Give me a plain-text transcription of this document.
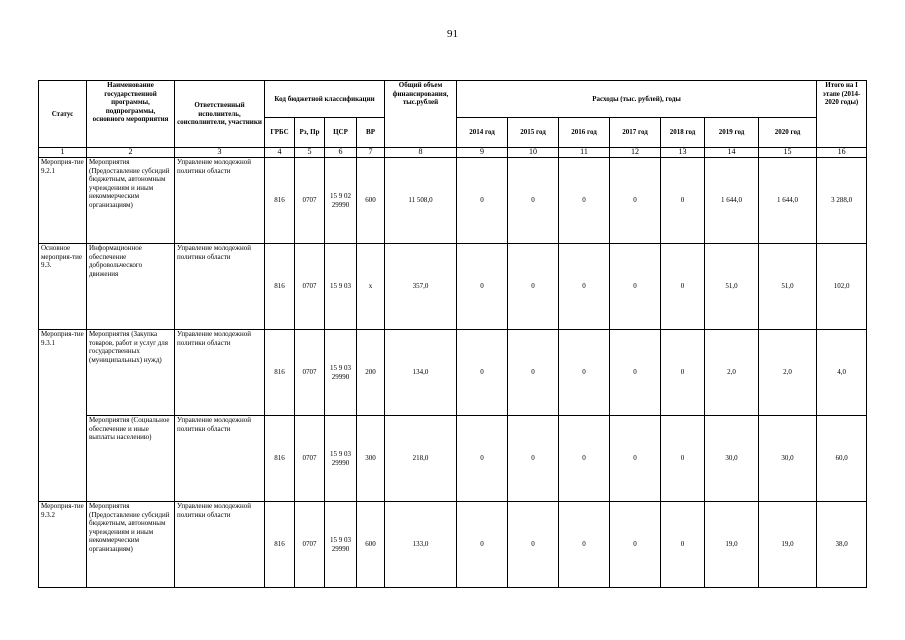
91
Статус	Наименование государственной программы, подпрограммы, основного мероприятия	Ответственный исполнитель, соисполнители, участники	Код бюджетной классификации				Общий объем финансирования, тыс.рублей	Расходы (тыс. рублей), годы							Итого на I этапе (2014-2020 годы)
			ГРБС	Рз, Пр	ЦСР	ВР		2014 год	2015 год	2016 год	2017 год	2018 год	2019 год	2020 год	
1	2	3	4	5	6	7	8	9	10	11	12	13	14	15	16
Мероприя-тие 9.2.1	Мероприятия (Предоставление субсидий бюджетным, автономным учреждениям и иным некоммерческим организациям)	Управление молодежной политики области	816	0707	15 9 02 29990	600	11 508,0	0	0	0	0	0	1 644,0	1 644,0	3 288,0
Основное мероприя-тие 9.3.	Информационное обеспечение добровольческого движения	Управление молодежной политики области	816	0707	15 9 03	х	357,0	0	0	0	0	0	51,0	51,0	102,0
Мероприя-тие 9.3.1	Мероприятия (Закупка товаров, работ и услуг для государственных (муниципальных) нужд)	Управление молодежной политики области	816	0707	15 9 03 29990	200	134,0	0	0	0	0	0	2,0	2,0	4,0
	Мероприятия (Социальное обеспечение и иные выплаты населению)	Управление молодежной политики области	816	0707	15 9 03 29990	300	218,0	0	0	0	0	0	30,0	30,0	60,0
Мероприя-тие 9.3.2	Мероприятия (Предоставление субсидий бюджетным, автономным учреждениям и иным некоммерческим организациям)	Управление молодежной политики области	816	0707	15 9 03 29990	600	133,0	0	0	0	0	0	19,0	19,0	38,0
